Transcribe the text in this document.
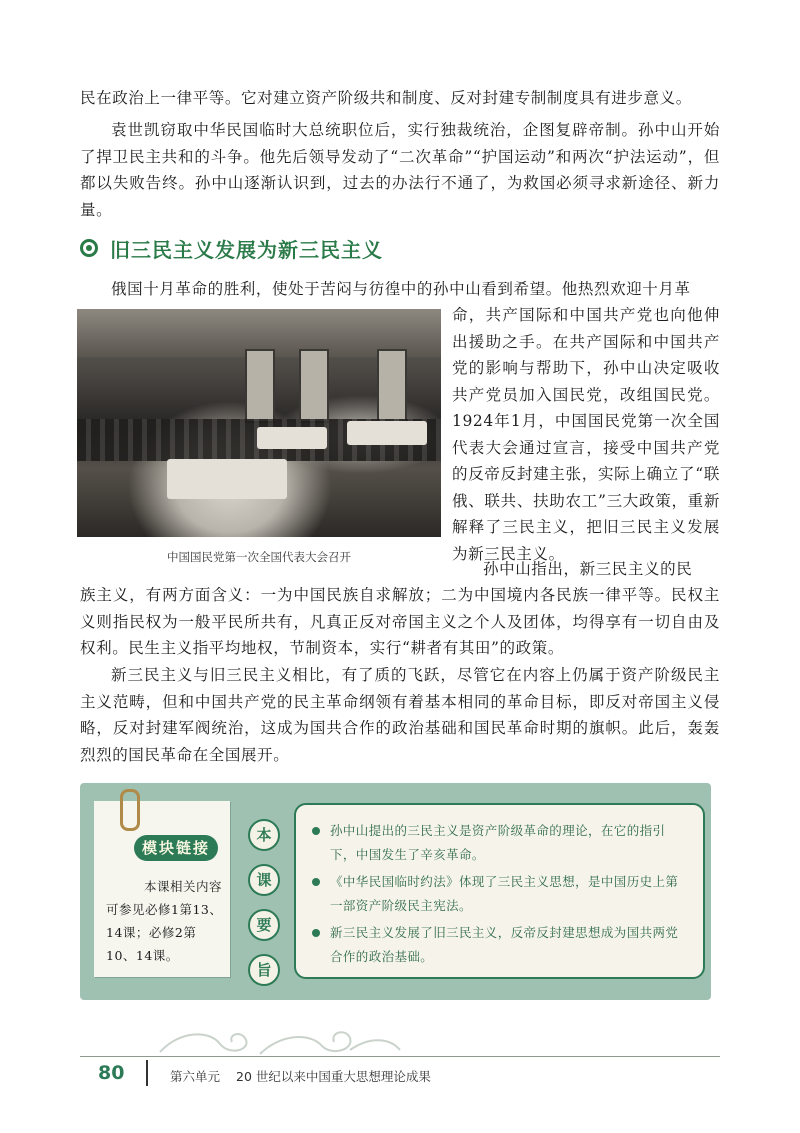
民在政治上一律平等。它对建立资产阶级共和制度、反对封建专制制度具有进步意义。

袁世凯窃取中华民国临时大总统职位后，实行独裁统治，企图复辟帝制。孙中山开始了捍卫民主共和的斗争。他先后领导发动了“二次革命”“护国运动”和两次“护法运动”，但都以失败告终。孙中山逐渐认识到，过去的办法行不通了，为救国必须寻求新途径、新力量。

旧三民主义发展为新三民主义

俄国十月革命的胜利，使处于苦闷与彷徨中的孙中山看到希望。他热烈欢迎十月革

中国国民党第一次全国代表大会召开

命，共产国际和中国共产党也向他伸出援助之手。在共产国际和中国共产党的影响与帮助下，孙中山决定吸收共产党员加入国民党，改组国民党。1924年1月，中国国民党第一次全国代表大会通过宣言，接受中国共产党的反帝反封建主张，实际上确立了“联俄、联共、扶助农工”三大政策，重新解释了三民主义，把旧三民主义发展为新三民主义。

孙中山指出，新三民主义的民

族主义，有两方面含义：一为中国民族自求解放；二为中国境内各民族一律平等。民权主义则指民权为一般平民所共有，凡真正反对帝国主义之个人及团体，均得享有一切自由及权利。民生主义指平均地权，节制资本，实行“耕者有其田”的政策。

新三民主义与旧三民主义相比，有了质的飞跃，尽管它在内容上仍属于资产阶级民主主义范畴，但和中国共产党的民主革命纲领有着基本相同的革命目标，即反对帝国主义侵略，反对封建军阀统治，这成为国共合作的政治基础和国民革命时期的旗帜。此后，轰轰烈烈的国民革命在全国展开。

模块链接

本课相关内容
可参见必修1第13、14课；必修2第10、14课。

本
课
要
旨
孙中山提出的三民主义是资产阶级革命的理论，在它的指引下，中国发生了辛亥革命。
《中华民国临时约法》体现了三民主义思想，是中国历史上第一部资产阶级民主宪法。
新三民主义发展了旧三民主义，反帝反封建思想成为国共两党合作的政治基础。
80	第六单元 20 世纪以来中国重大思想理论成果
